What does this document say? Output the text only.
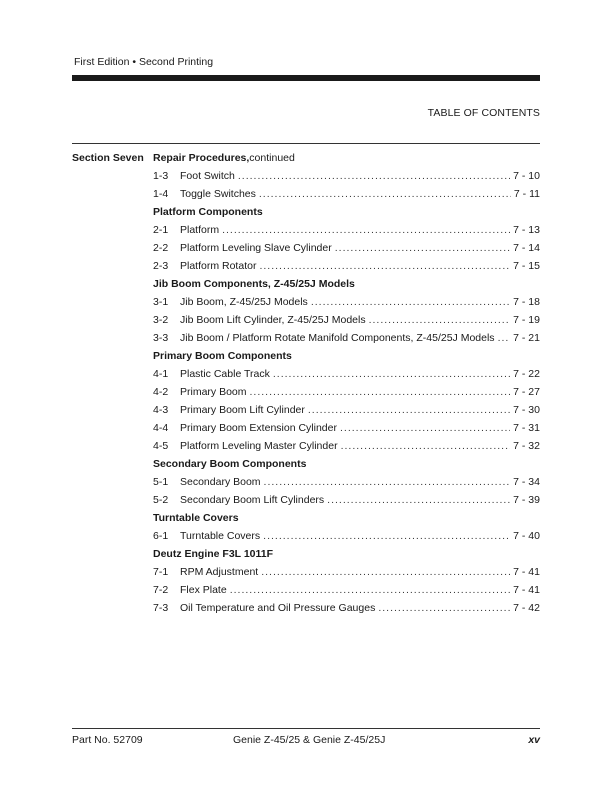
First Edition • Second Printing
TABLE OF CONTENTS
Section Seven Repair Procedures, continued
1-3	Foot Switch .....	7 - 10
1-4	Toggle Switches .....	7 - 11
Platform Components
2-1	Platform .....	7 - 13
2-2	Platform Leveling Slave Cylinder .....	7 - 14
2-3	Platform Rotator .....	7 - 15
Jib Boom Components, Z-45/25J Models
3-1	Jib Boom, Z-45/25J Models .....	7 - 18
3-2	Jib Boom Lift Cylinder, Z-45/25J Models .....	7 - 19
3-3	Jib Boom / Platform Rotate Manifold Components, Z-45/25J Models ..... 7 - 21
Primary Boom Components
4-1	Plastic Cable Track .....	7 - 22
4-2	Primary Boom .....	7 - 27
4-3	Primary Boom Lift Cylinder .....	7 - 30
4-4	Primary Boom Extension Cylinder .....	7 - 31
4-5	Platform Leveling Master Cylinder .....	7 - 32
Secondary Boom Components
5-1	Secondary Boom .....	7 - 34
5-2	Secondary Boom Lift Cylinders .....	7 - 39
Turntable Covers
6-1	Turntable Covers .....	7 - 40
Deutz Engine F3L 1011F
7-1	RPM Adjustment .....	7 - 41
7-2	Flex Plate .....	7 - 41
7-3	Oil Temperature and Oil Pressure Gauges .....	7 - 42
Part No. 52709	Genie Z-45/25 & Genie Z-45/25J	xv
